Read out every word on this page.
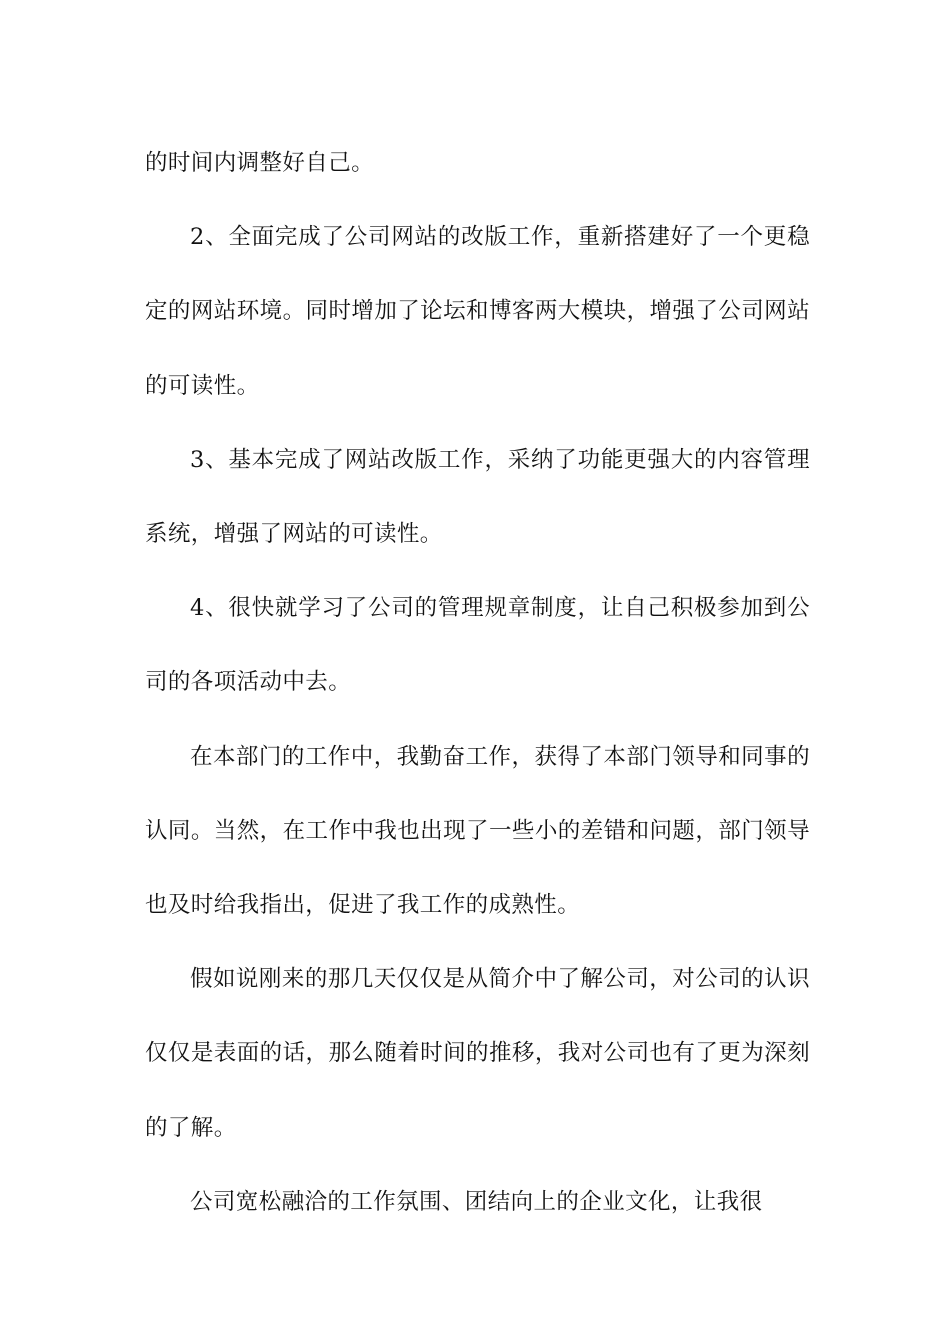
的时间内调整好自己。

2、全面完成了公司网站的改版工作，重新搭建好了一个更稳定的网站环境。同时增加了论坛和博客两大模块，增强了公司网站的可读性。

3、基本完成了网站改版工作，采纳了功能更强大的内容管理系统，增强了网站的可读性。

4、很快就学习了公司的管理规章制度，让自己积极参加到公司的各项活动中去。

在本部门的工作中，我勤奋工作，获得了本部门领导和同事的认同。当然，在工作中我也出现了一些小的差错和问题，部门领导也及时给我指出，促进了我工作的成熟性。

假如说刚来的那几天仅仅是从简介中了解公司，对公司的认识仅仅是表面的话，那么随着时间的推移，我对公司也有了更为深刻的了解。

公司宽松融洽的工作氛围、团结向上的企业文化，让我很
